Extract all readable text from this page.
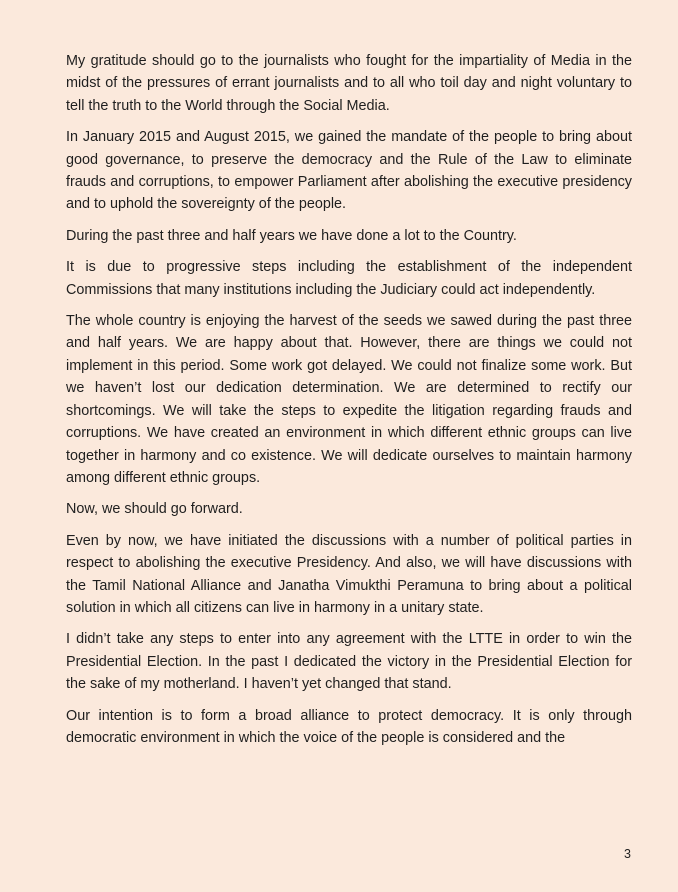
My gratitude should go to the journalists who fought for the impartiality of Media in the midst of the pressures of errant journalists and to all who toil day and night voluntary to tell the truth to the World through the Social Media.

In January 2015 and August 2015, we gained the mandate of the people to bring about good governance, to preserve the democracy and the Rule of the Law to eliminate frauds and corruptions, to empower Parliament after abolishing the executive presidency and to uphold the sovereignty of the people.

During the past three and half years we have done a lot to the Country.

It is due to progressive steps including the establishment of the independent Commissions that many institutions including the Judiciary could act independently.

The whole country is enjoying the harvest of the seeds we sawed during the past three and half years. We are happy about that. However, there are things we could not implement in this period. Some work got delayed. We could not finalize some work. But we haven’t lost our dedication determination. We are determined to rectify our shortcomings. We will take the steps to expedite the litigation regarding frauds and corruptions. We have created an environment in which different ethnic groups can live together in harmony and co existence. We will dedicate ourselves to maintain harmony among different ethnic groups.

Now, we should go forward.

Even by now, we have initiated the discussions with a number of political parties in respect to abolishing the executive Presidency. And also, we will have discussions with the Tamil National Alliance and Janatha Vimukthi Peramuna to bring about a political solution in which all citizens can live in harmony in a unitary state.

I didn’t take any steps to enter into any agreement with the LTTE in order to win the Presidential Election. In the past I dedicated the victory in the Presidential Election for the sake of my motherland. I haven’t yet changed that stand.

Our intention is to form a broad alliance to protect democracy. It is only through democratic environment in which the voice of the people is considered and the

3
